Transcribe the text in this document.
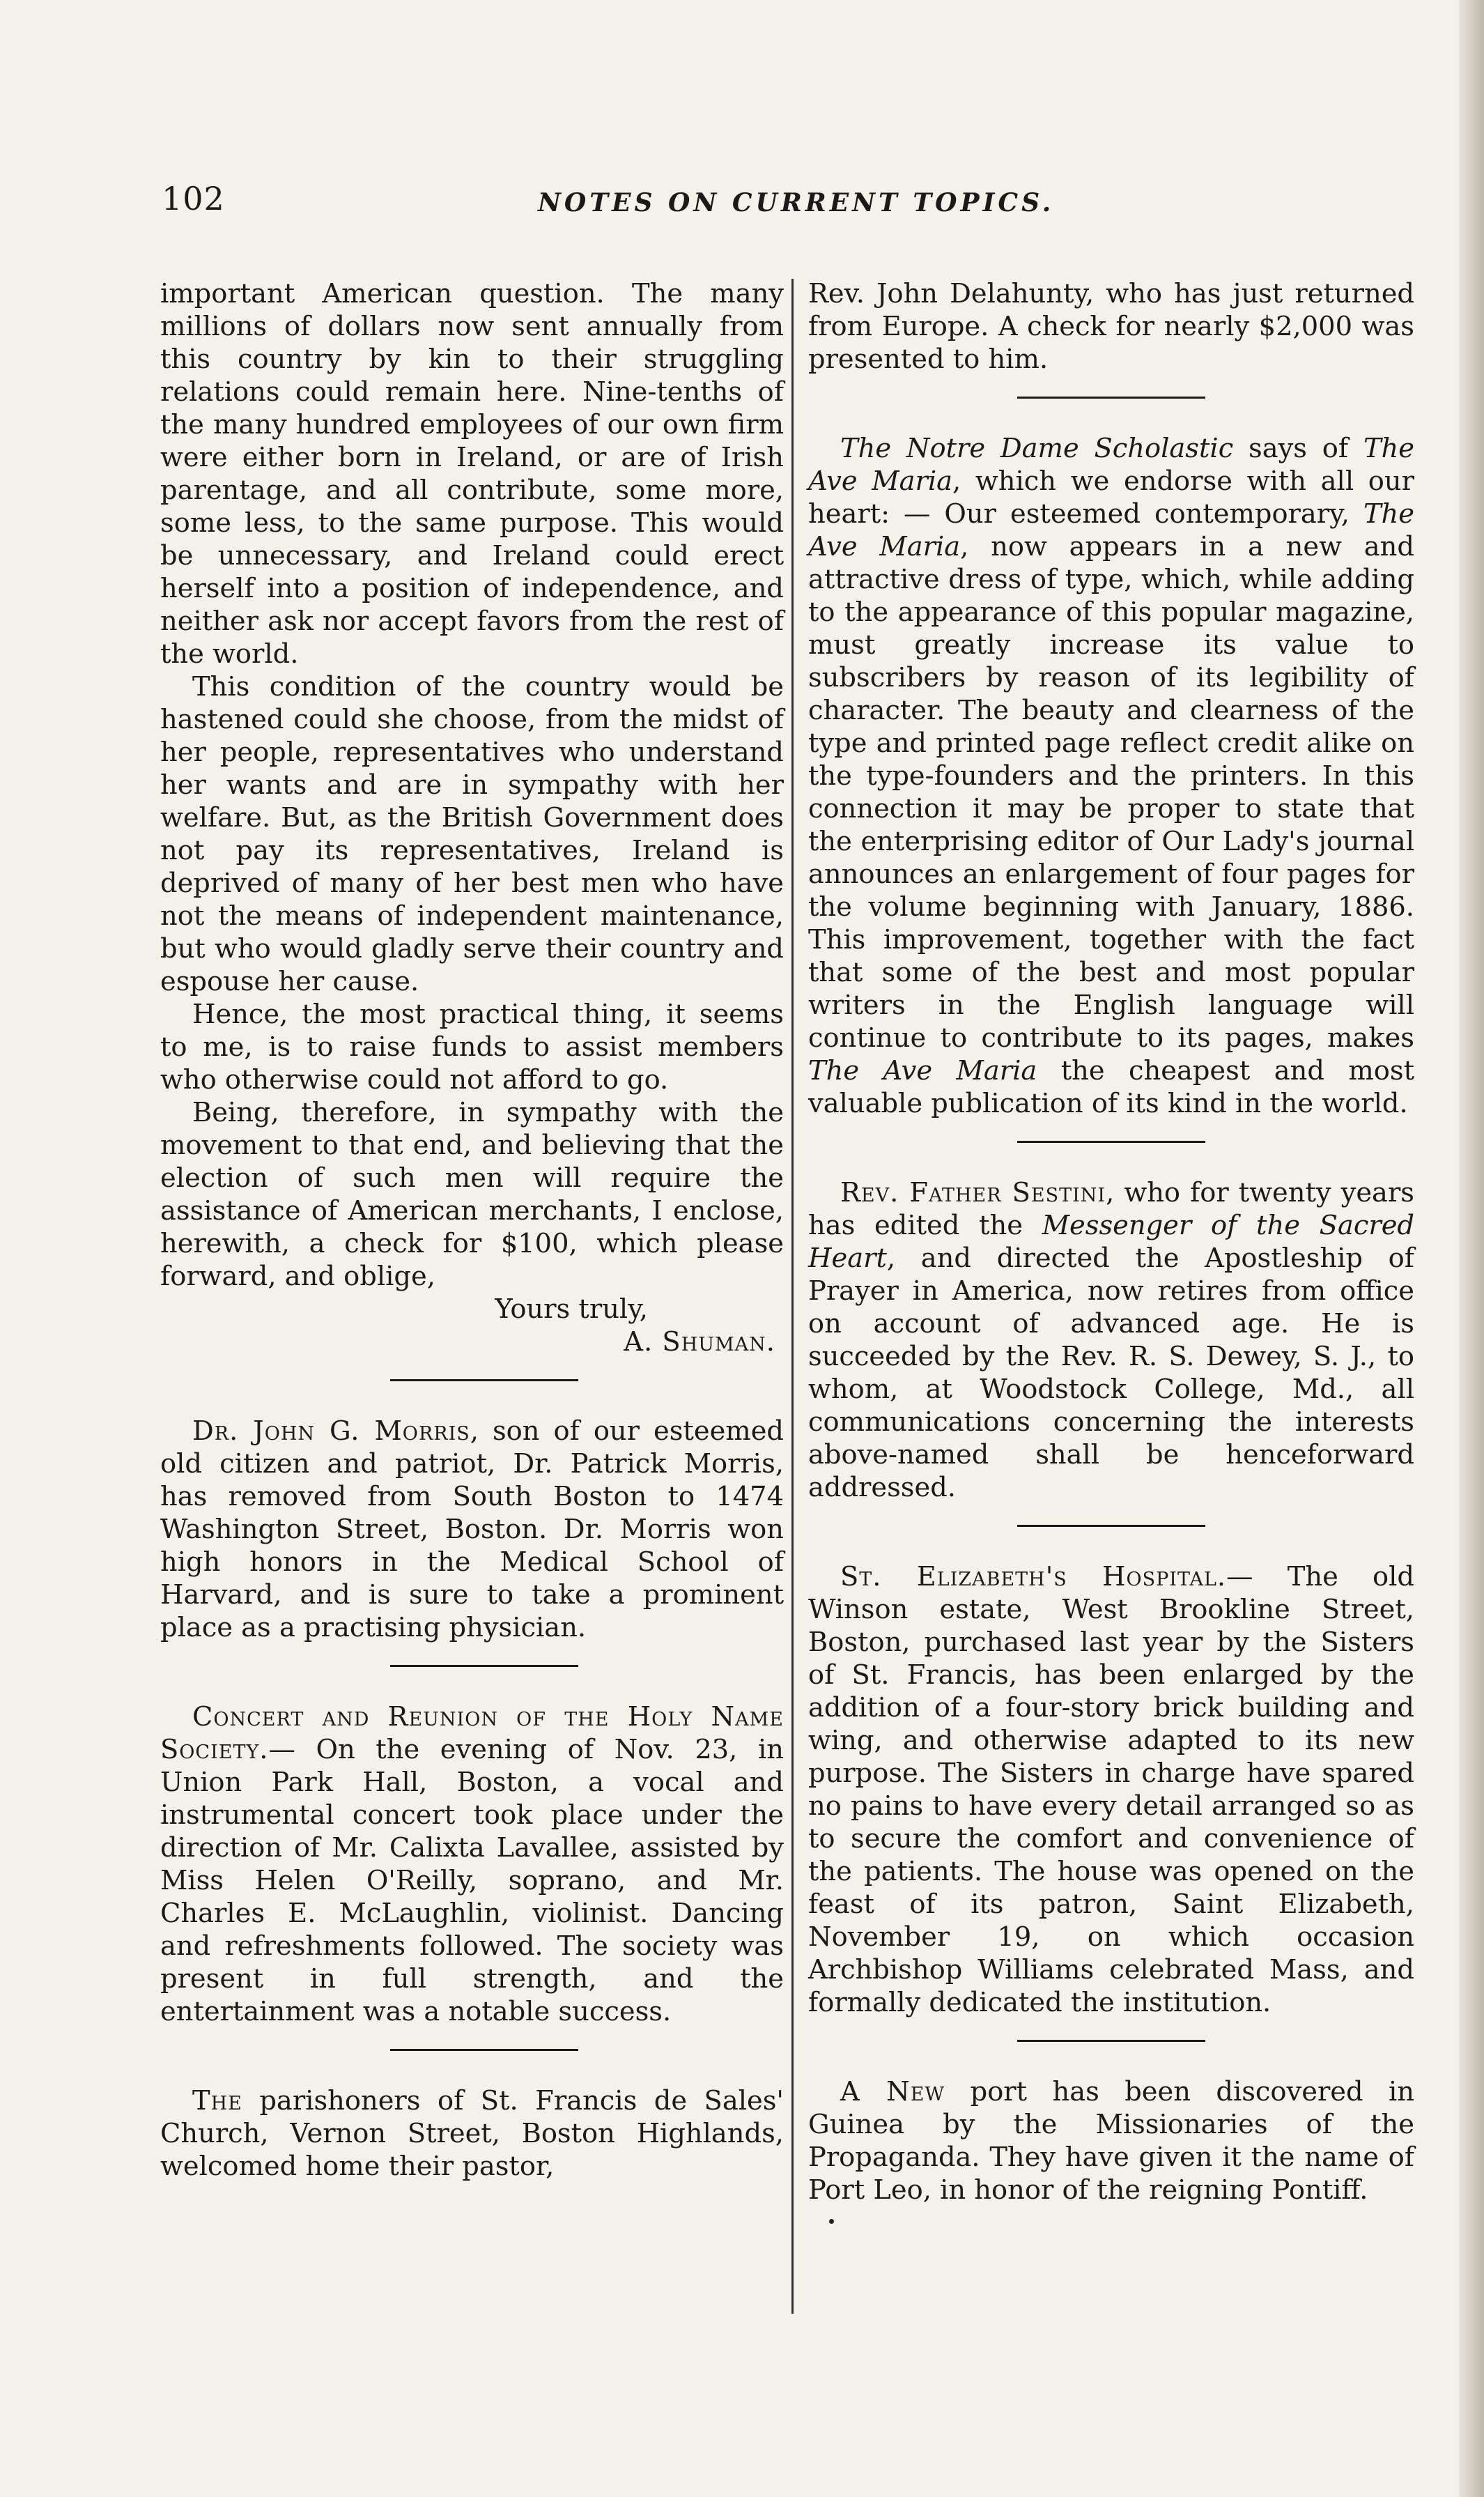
102	NOTES ON CURRENT TOPICS.

important American question. The many millions of dollars now sent annually from this country by kin to their struggling relations could remain here. Nine-tenths of the many hundred employees of our own firm were either born in Ireland, or are of Irish parentage, and all contribute, some more, some less, to the same purpose. This would be unnecessary, and Ireland could erect herself into a position of independence, and neither ask nor accept favors from the rest of the world.

This condition of the country would be hastened could she choose, from the midst of her people, representatives who understand her wants and are in sympathy with her welfare. But, as the British Government does not pay its representatives, Ireland is deprived of many of her best men who have not the means of independent maintenance, but who would gladly serve their country and espouse her cause.

Hence, the most practical thing, it seems to me, is to raise funds to assist members who otherwise could not afford to go.

Being, therefore, in sympathy with the movement to that end, and believing that the election of such men will require the assistance of American merchants, I enclose, herewith, a check for $100, which please forward, and oblige,

Yours truly,

A. Shuman.

Dr. John G. Morris, son of our esteemed old citizen and patriot, Dr. Patrick Morris, has removed from South Boston to 1474 Washington Street, Boston. Dr. Morris won high honors in the Medical School of Harvard, and is sure to take a prominent place as a practising physician.

Concert and Reunion of the Holy Name Society.— On the evening of Nov. 23, in Union Park Hall, Boston, a vocal and instrumental concert took place under the direction of Mr. Calixta Lavallee, assisted by Miss Helen O'Reilly, soprano, and Mr. Charles E. McLaughlin, violinist. Dancing and refreshments followed. The society was present in full strength, and the entertainment was a notable success.

The parishoners of St. Francis de Sales' Church, Vernon Street, Boston Highlands, welcomed home their pastor,

Rev. John Delahunty, who has just returned from Europe. A check for nearly $2,000 was presented to him.

The Notre Dame Scholastic says of The Ave Maria, which we endorse with all our heart: — Our esteemed contemporary, The Ave Maria, now appears in a new and attractive dress of type, which, while adding to the appearance of this popular magazine, must greatly increase its value to subscribers by reason of its legibility of character. The beauty and clearness of the type and printed page reflect credit alike on the type-founders and the printers. In this connection it may be proper to state that the enterprising editor of Our Lady's journal announces an enlargement of four pages for the volume beginning with January, 1886. This improvement, together with the fact that some of the best and most popular writers in the English language will continue to contribute to its pages, makes The Ave Maria the cheapest and most valuable publication of its kind in the world.

Rev. Father Sestini, who for twenty years has edited the Messenger of the Sacred Heart, and directed the Apostleship of Prayer in America, now retires from office on account of advanced age. He is succeeded by the Rev. R. S. Dewey, S. J., to whom, at Woodstock College, Md., all communications concerning the interests above-named shall be henceforward addressed.

St. Elizabeth's Hospital.— The old Winson estate, West Brookline Street, Boston, purchased last year by the Sisters of St. Francis, has been enlarged by the addition of a four-story brick building and wing, and otherwise adapted to its new purpose. The Sisters in charge have spared no pains to have every detail arranged so as to secure the comfort and convenience of the patients. The house was opened on the feast of its patron, Saint Elizabeth, November 19, on which occasion Archbishop Williams celebrated Mass, and formally dedicated the institution.

A New port has been discovered in Guinea by the Missionaries of the Propaganda. They have given it the name of Port Leo, in honor of the reigning Pontiff.
